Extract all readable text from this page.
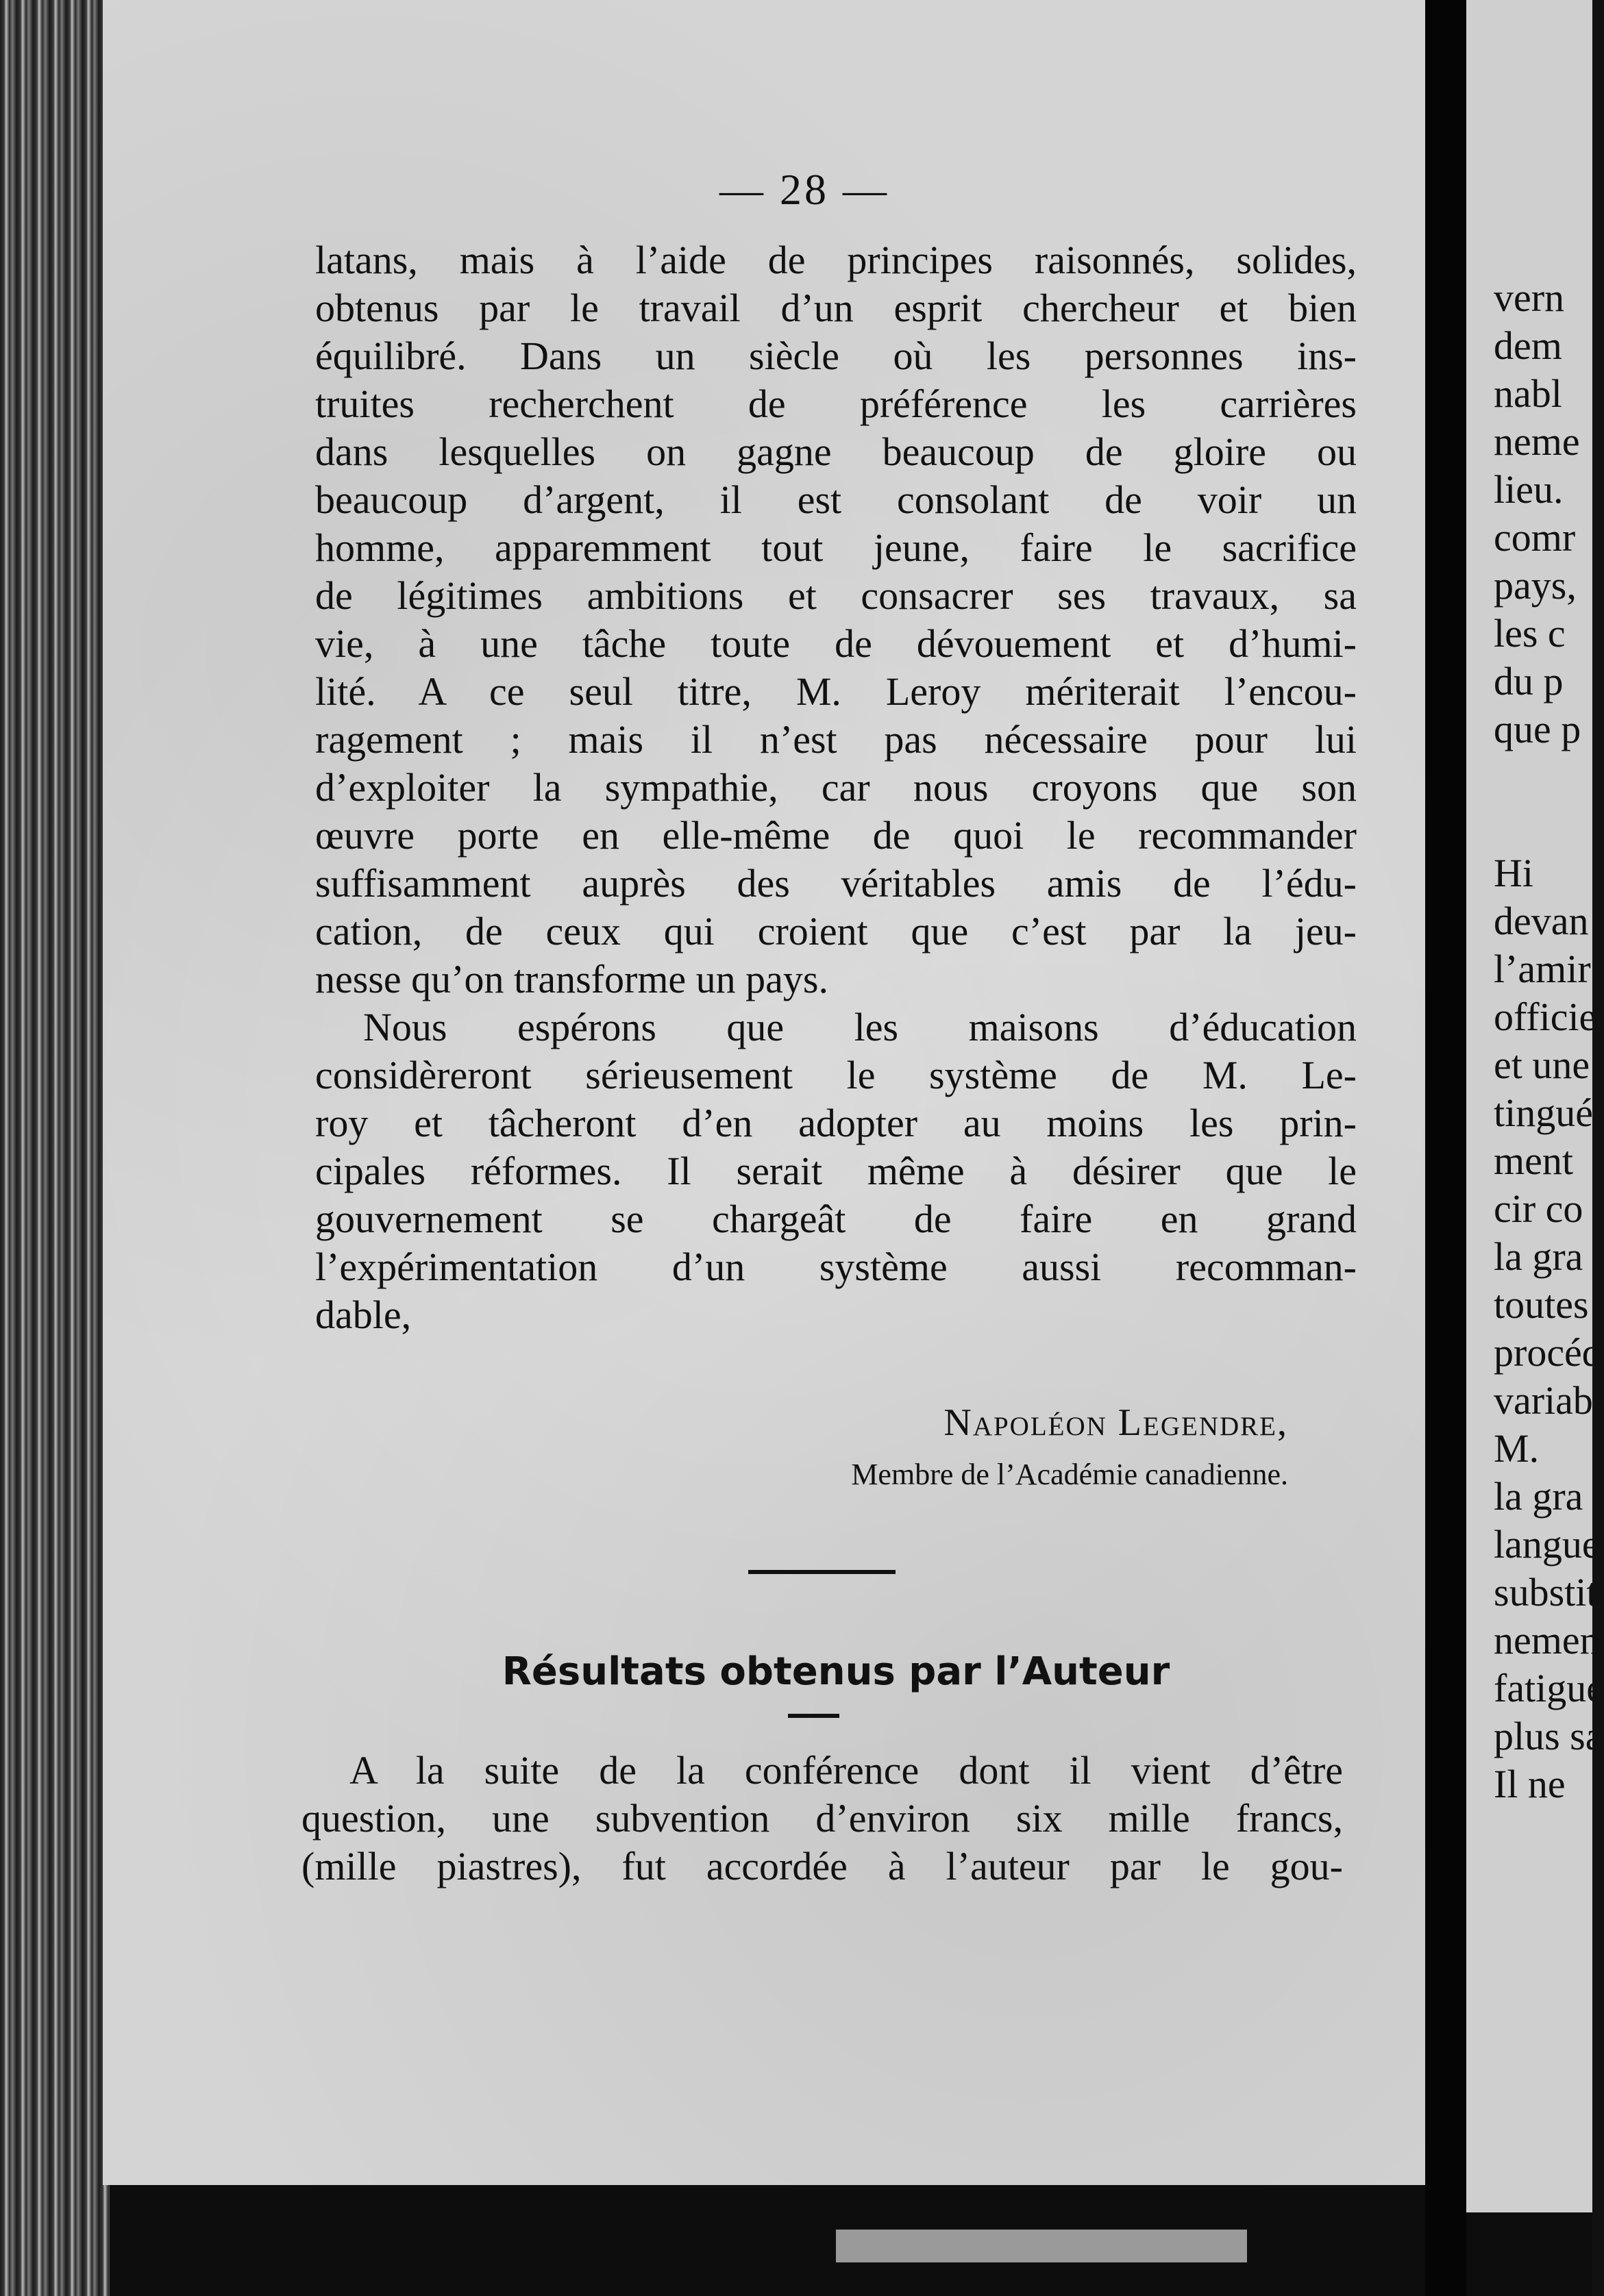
— 28 —
latans, mais à l’aide de principes raisonnés, solides,
obtenus par le travail d’un esprit chercheur et bien
équilibré. Dans un siècle où les personnes ins-
truites recherchent de préférence les carrières
dans lesquelles on gagne beaucoup de gloire ou
beaucoup d’argent, il est consolant de voir un
homme, apparemment tout jeune, faire le sacrifice
de légitimes ambitions et consacrer ses travaux, sa
vie, à une tâche toute de dévouement et d’humi-
lité. A ce seul titre, M. Leroy mériterait l’encou-
ragement ; mais il n’est pas nécessaire pour lui
d’exploiter la sympathie, car nous croyons que son
œuvre porte en elle-même de quoi le recommander
suffisamment auprès des véritables amis de l’édu-
cation, de ceux qui croient que c’est par la jeu-
nesse qu’on transforme un pays.
Nous espérons que les maisons d’éducation
considèreront sérieusement le système de M. Le-
roy et tâcheront d’en adopter au moins les prin-
cipales réformes. Il serait même à désirer que le
gouvernement se chargeât de faire en grand
l’expérimentation d’un système aussi recomman-
dable,
Napoléon Legendre,
Membre de l’Académie canadienne.
Résultats obtenus par l’Auteur
A la suite de la conférence dont il vient d’être
question, une subvention d’environ six mille francs,
(mille piastres), fut accordée à l’auteur par le gou-
vern
dem
nabl
neme
lieu.
comr
pays,
les c
du p
que p
Hi
devan
l’amir
officie
et une
tingué
ment
cir co
la gra
toutes
procéd
variab
M.
la gra
langue
substit
nemen
fatigue
plus sa
Il ne
